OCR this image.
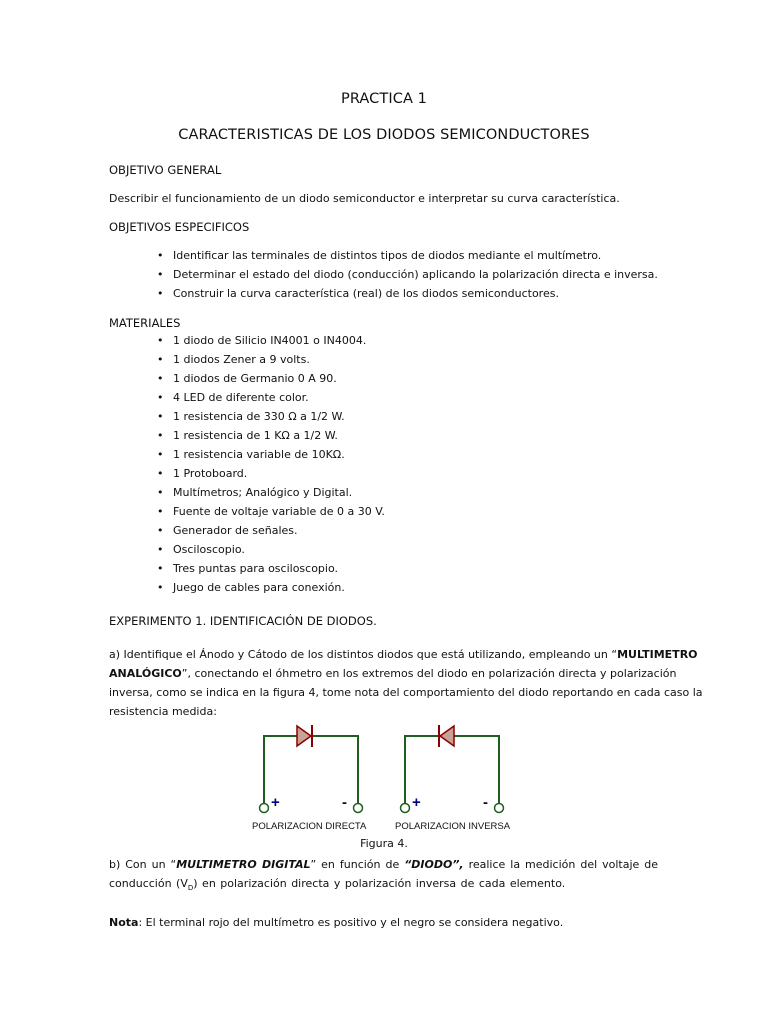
PRACTICA 1
CARACTERISTICAS DE LOS DIODOS SEMICONDUCTORES
OBJETIVO GENERAL
Describir el funcionamiento de un diodo semiconductor e interpretar su curva característica.
OBJETIVOS ESPECIFICOS
• Identificar las terminales de distintos tipos de diodos mediante el multímetro.
• Determinar el estado del diodo (conducción) aplicando la polarización directa e inversa.
• Construir la curva característica (real) de los diodos semiconductores.
MATERIALES
• 1 diodo de Silicio IN4001 o IN4004.
• 1 diodos Zener a 9 volts.
• 1 diodos de Germanio 0 A 90.
• 4 LED de diferente color.
• 1 resistencia de 330 Ω a 1/2 W.
• 1 resistencia de 1 KΩ a 1/2 W.
• 1 resistencia variable de 10KΩ.
• 1 Protoboard.
• Multímetros; Analógico y Digital.
• Fuente de voltaje variable de 0 a 30 V.
• Generador de señales.
• Osciloscopio.
• Tres puntas para osciloscopio.
• Juego de cables para conexión.
EXPERIMENTO 1. IDENTIFICACIÓN DE DIODOS.
a) Identifique el Ánodo y Cátodo de los distintos diodos que está utilizando, empleando un “MULTIMETRO
ANALÓGICO”, conectando el óhmetro en los extremos del diodo en polarización directa y polarización
inversa, como se indica en la figura 4, tome nota del comportamiento del diodo reportando en cada caso la
resistencia medida:
+	-	+	-
POLARIZACION DIRECTA	POLARIZACION INVERSA
Figura 4.
b) Con un “MULTIMETRO DIGITAL” en función de “DIODO”, realice la medición del voltaje de
conducción $(V_D)$ en polarización directa y polarización inversa de cada elemento.
Nota: El terminal rojo del multímetro es positivo y el negro se considera negativo.
